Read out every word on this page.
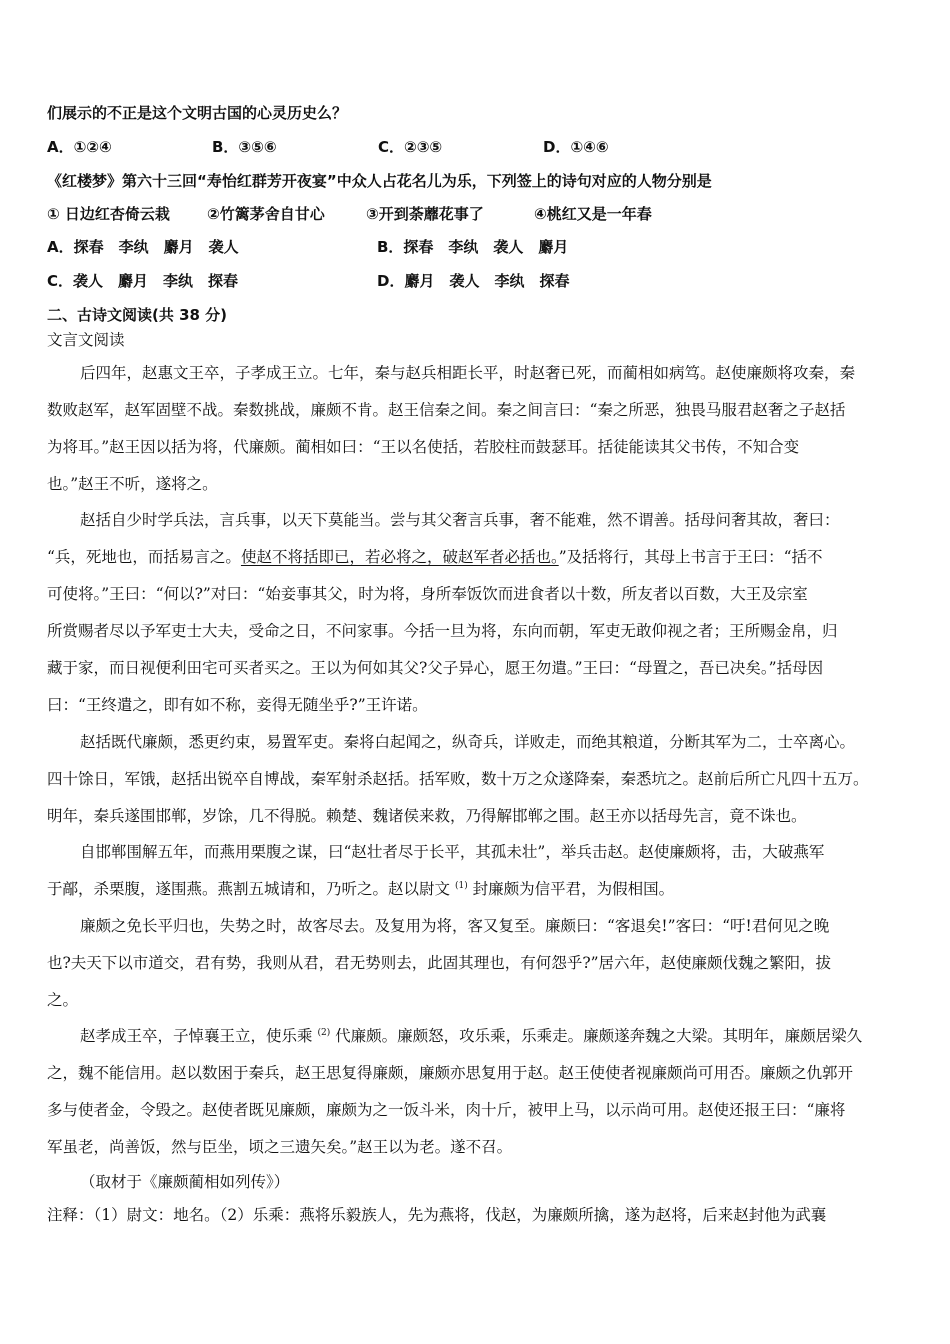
们展示的不正是这个文明古国的心灵历史么？
A．①②④	B．③⑤⑥	C．②③⑤	D．①④⑥
《红楼梦》第六十三回“寿怡红群芳开夜宴”中众人占花名儿为乐，下列签上的诗句对应的人物分别是
① 日边红杏倚云栽 ②竹篱茅舍自甘心	③开到荼蘼花事了	④桃红又是一年春
A．探春　李纨　麝月　袭人	B．探春　李纨　袭人　麝月
C．袭人　麝月　李纨　探春	D．麝月　袭人　李纨　探春
二、古诗文阅读(共 38 分)
文言文阅读
后四年，赵惠文王卒，子孝成王立。七年，秦与赵兵相距长平，时赵奢已死，而蔺相如病笃。赵使廉颇将攻秦，秦
数败赵军，赵军固壁不战。秦数挑战，廉颇不肯。赵王信秦之间。秦之间言曰：“秦之所恶，独畏马服君赵奢之子赵括
为将耳。”赵王因以括为将，代廉颇。蔺相如曰：“王以名使括，若胶柱而鼓瑟耳。括徒能读其父书传，不知合变
也。”赵王不听，遂将之。
赵括自少时学兵法，言兵事，以天下莫能当。尝与其父奢言兵事，奢不能难，然不谓善。括母问奢其故，奢曰：
“兵，死地也，而括易言之。使赵不将括即已，若必将之，破赵军者必括也。”及括将行，其母上书言于王曰：“括不
可使将。”王曰：“何以?”对曰：“始妾事其父，时为将，身所奉饭饮而进食者以十数，所友者以百数，大王及宗室
所赏赐者尽以予军吏士大夫，受命之日，不问家事。今括一旦为将，东向而朝，军吏无敢仰视之者；王所赐金帛，归
藏于家，而日视便利田宅可买者买之。王以为何如其父?父子异心，愿王勿遣。”王曰：“母置之，吾已决矣。”括母因
曰：“王终遣之，即有如不称，妾得无随坐乎?”王许诺。
赵括既代廉颇，悉更约束，易置军吏。秦将白起闻之，纵奇兵，详败走，而绝其粮道，分断其军为二，士卒离心。
四十馀日，军饿，赵括出锐卒自博战，秦军射杀赵括。括军败，数十万之众遂降秦，秦悉坑之。赵前后所亡凡四十五万。
明年，秦兵遂围邯郸，岁馀，几不得脱。赖楚、魏诸侯来救，乃得解邯郸之围。赵王亦以括母先言，竟不诛也。
自邯郸围解五年，而燕用栗腹之谋，曰“赵壮者尽于长平，其孤未壮”，举兵击赵。赵使廉颇将，击，大破燕军
于鄗，杀栗腹，遂围燕。燕割五城请和，乃听之。赵以尉文 $^{(1)}$ 封廉颇为信平君，为假相国。
廉颇之免长平归也，失势之时，故客尽去。及复用为将，客又复至。廉颇曰：“客退矣!”客曰：“吁!君何见之晚
也?夫天下以市道交，君有势，我则从君，君无势则去，此固其理也，有何怨乎?”居六年，赵使廉颇伐魏之繁阳，拔
之。
赵孝成王卒，子悼襄王立，使乐乘 $^{(2)}$ 代廉颇。廉颇怒，攻乐乘，乐乘走。廉颇遂奔魏之大梁。其明年，廉颇居梁久
之，魏不能信用。赵以数困于秦兵，赵王思复得廉颇，廉颇亦思复用于赵。赵王使使者视廉颇尚可用否。廉颇之仇郭开
多与使者金，令毁之。赵使者既见廉颇，廉颇为之一饭斗米，肉十斤，被甲上马，以示尚可用。赵使还报王曰：“廉将
军虽老，尚善饭，然与臣坐，顷之三遗矢矣。”赵王以为老。遂不召。
（取材于《廉颇蔺相如列传》）
注释：（1）尉文：地名。（2）乐乘：燕将乐毅族人，先为燕将，伐赵，为廉颇所擒，遂为赵将，后来赵封他为武襄
